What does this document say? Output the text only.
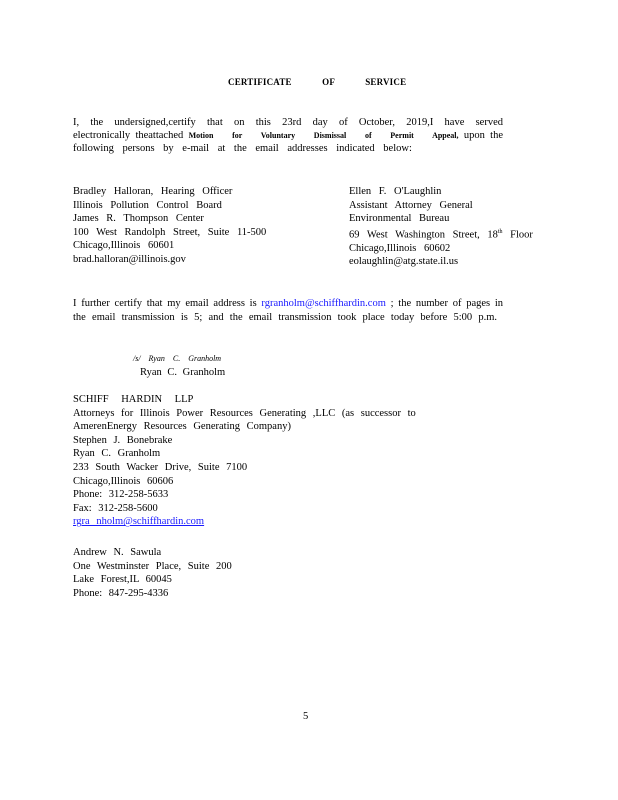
CERTIFICATE OF SERVICE
I, the undersigned,certify that on this 23rd day of October, 2019,I have served
electronically theattached Motion for Voluntary Dismissal of Permit Appeal, upon the
following persons by e-mail at the email addresses indicated below:
Bradley Halloran, Hearing Officer
Illinois Pollution Control Board
James R. Thompson Center
100 West Randolph Street, Suite 11-500
Chicago,Illinois 60601
brad.halloran@illinois.gov
Ellen F. O'Laughlin
Assistant Attorney General
Environmental Bureau
69 West Washington Street, 18th Floor
Chicago,Illinois 60602
eolaughlin@atg.state.il.us
I further certify that my email address is rgranholm@schiffhardin.com ; the number of pages in
the email transmission is 5; and the email transmission took place today before 5:00 p.m.
/s/ Ryan C. Granholm
Ryan C. Granholm
SCHIFF HARDIN LLP
Attorneys for Illinois Power Resources Generating ,LLC (as successor to
AmerenEnergy Resources Generating Company)
Stephen J. Bonebrake
Ryan C. Granholm
233 South Wacker Drive, Suite 7100
Chicago,Illinois 60606
Phone: 312-258-5633
Fax: 312-258-5600
rgra nholm@schiffhardin.com
Andrew N. Sawula
One Westminster Place, Suite 200
Lake Forest,IL 60045
Phone: 847-295-4336
5
